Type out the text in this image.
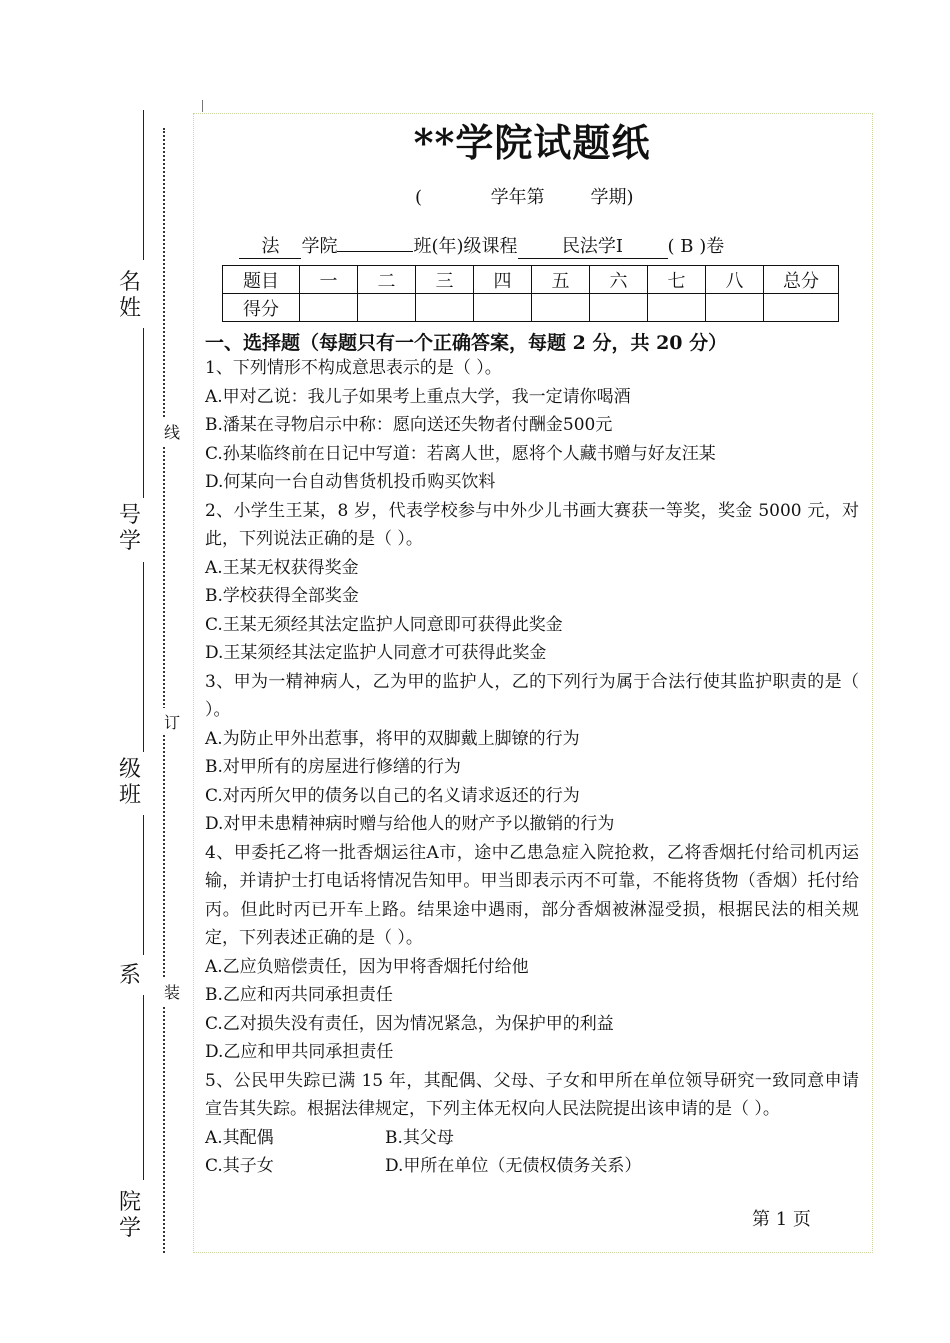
名姓
号学
级班
系
院学
线
订
装
**学院试题纸
(            学年第        学期)

法 学院	班(年)级课程 民法学Ⅰ ( B )卷

题目	一	二	三	四	五	六	七	八	总分
得分									
一、选择题（每题只有一个正确答案，每题 2 分，共 20 分）

1、下列情形不构成意思表示的是（ ）。

A.甲对乙说：我儿子如果考上重点大学，我一定请你喝酒

B.潘某在寻物启示中称：愿向送还失物者付酬金500元

C.孙某临终前在日记中写道：若离人世，愿将个人藏书赠与好友汪某

D.何某向一台自动售货机投币购买饮料

2、小学生王某，8 岁，代表学校参与中外少儿书画大赛获一等奖，奖金 5000 元，对此，下列说法正确的是（ ）。

A.王某无权获得奖金

B.学校获得全部奖金

C.王某无须经其法定监护人同意即可获得此奖金

D.王某须经其法定监护人同意才可获得此奖金

3、甲为一精神病人，乙为甲的监护人，乙的下列行为属于合法行使其监护职责的是（ ）。

A.为防止甲外出惹事，将甲的双脚戴上脚镣的行为

B.对甲所有的房屋进行修缮的行为

C.对丙所欠甲的债务以自己的名义请求返还的行为

D.对甲未患精神病时赠与给他人的财产予以撤销的行为

4、甲委托乙将一批香烟运往A市，途中乙患急症入院抢救，乙将香烟托付给司机丙运输，并请护士打电话将情况告知甲。甲当即表示丙不可靠，不能将货物（香烟）托付给丙。但此时丙已开车上路。结果途中遇雨，部分香烟被淋湿受损，根据民法的相关规定，下列表述正确的是（ ）。

A.乙应负赔偿责任，因为甲将香烟托付给他

B.乙应和丙共同承担责任

C.乙对损失没有责任，因为情况紧急，为保护甲的利益

D.乙应和甲共同承担责任

5、公民甲失踪已满 15 年，其配偶、父母、子女和甲所在单位领导研究一致同意申请宣告其失踪。根据法律规定，下列主体无权向人民法院提出该申请的是（ ）。

A.其配偶	B.其父母

C.其子女	D.甲所在单位（无债权债务关系）

第 1 页
